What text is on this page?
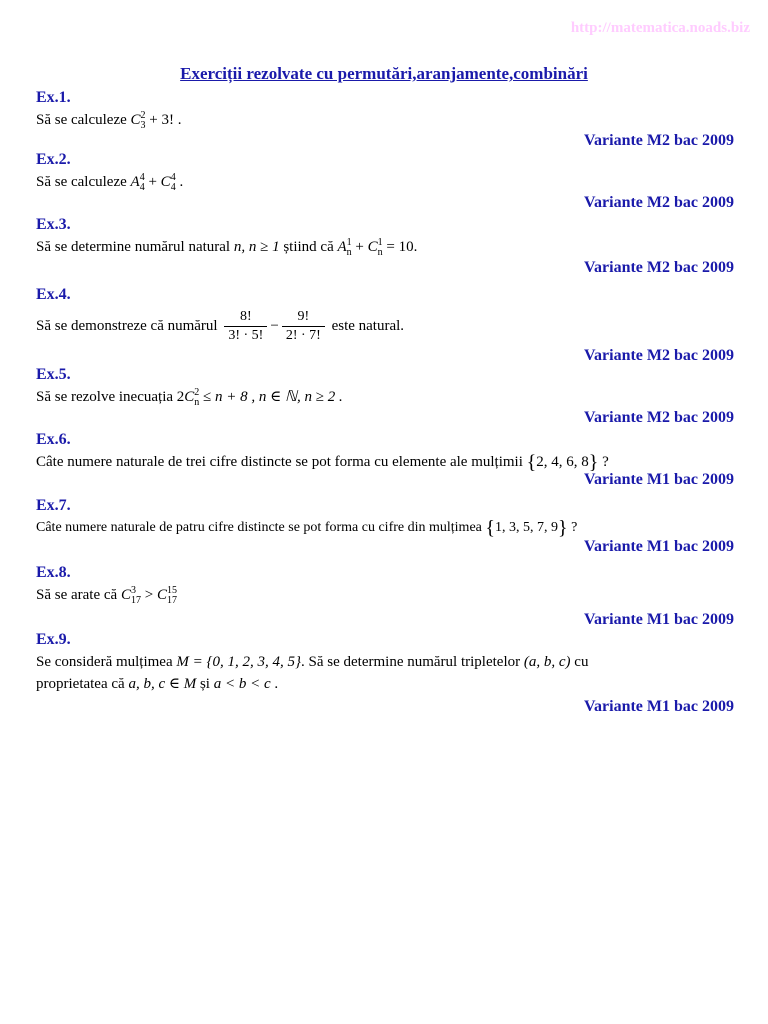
http://matematica.noads.biz
Exerciții rezolvate cu permutări,aranjamente,combinări
Ex.1.
Să se calculeze C 2
3 + 3! .
Variante M2 bac 2009
Ex.2.
Să se calculeze A 4
4 + C 4
4 .
Variante M2 bac 2009
Ex.3.
Să se determine numărul natural n, n ≥ 1 știind că A 1
n + C 1
n = 10.
Variante M2 bac 2009
Ex.4.
Să se demonstreze că numărul $\frac{8!}{3! \cdot 5!} - \frac{9!}{2! \cdot 7!}$ este natural.
Variante M2 bac 2009
Ex.5.
Să se rezolve inecuația 2C 2
n ≤ n + 8 , n ∈ ℕ, n ≥ 2 .
Variante M2 bac 2009
Ex.6.
Câte numere naturale de trei cifre distincte se pot forma cu elemente ale mulțimii {2, 4, 6, 8} ?
Variante M1 bac 2009
Ex.7.
Câte numere naturale de patru cifre distincte se pot forma cu cifre din mulțimea {1, 3, 5, 7, 9} ?
Variante M1 bac 2009
Ex.8.
Să se arate că C 3
17 > C 15
17
Variante M1 bac 2009
Ex.9.
Se consideră mulțimea M = {0, 1, 2, 3, 4, 5}. Să se determine numărul tripletelor (a, b, c) cu
proprietatea că a, b, c ∈ M și a < b < c .
Variante M1 bac 2009
